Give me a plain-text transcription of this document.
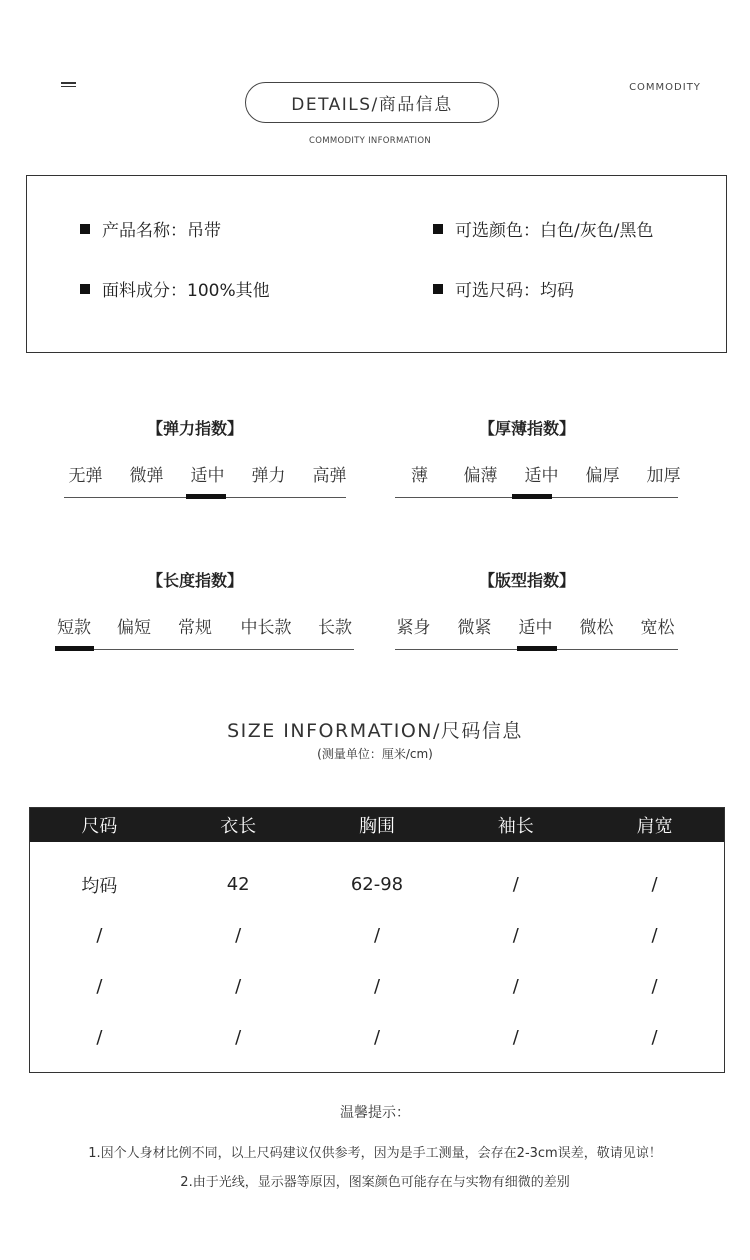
DETAILS/商品信息
COMMODITY
COMMODITY INFORMATION
产品名称：吊带	可选颜色：白色/灰色/黑色
面料成分：100%其他	可选尺码：均码
【弹力指数】
无弹	微弹	适中	弹力	高弹
【厚薄指数】
薄	偏薄	适中	偏厚	加厚
【长度指数】
短款	偏短	常规	中长款	长款
【版型指数】
紧身	微紧	适中	微松	宽松
SIZE INFORMATION/尺码信息
(测量单位：厘米/cm)
尺码	衣长	胸围	袖长	肩宽
均码	42	62-98	/	/
/	/	/	/	/
/	/	/	/	/
/	/	/	/	/
温馨提示：
1.因个人身材比例不同，以上尺码建议仅供参考，因为是手工测量，会存在2-3cm误差，敬请见谅！
2.由于光线，显示器等原因，图案颜色可能存在与实物有细微的差别
